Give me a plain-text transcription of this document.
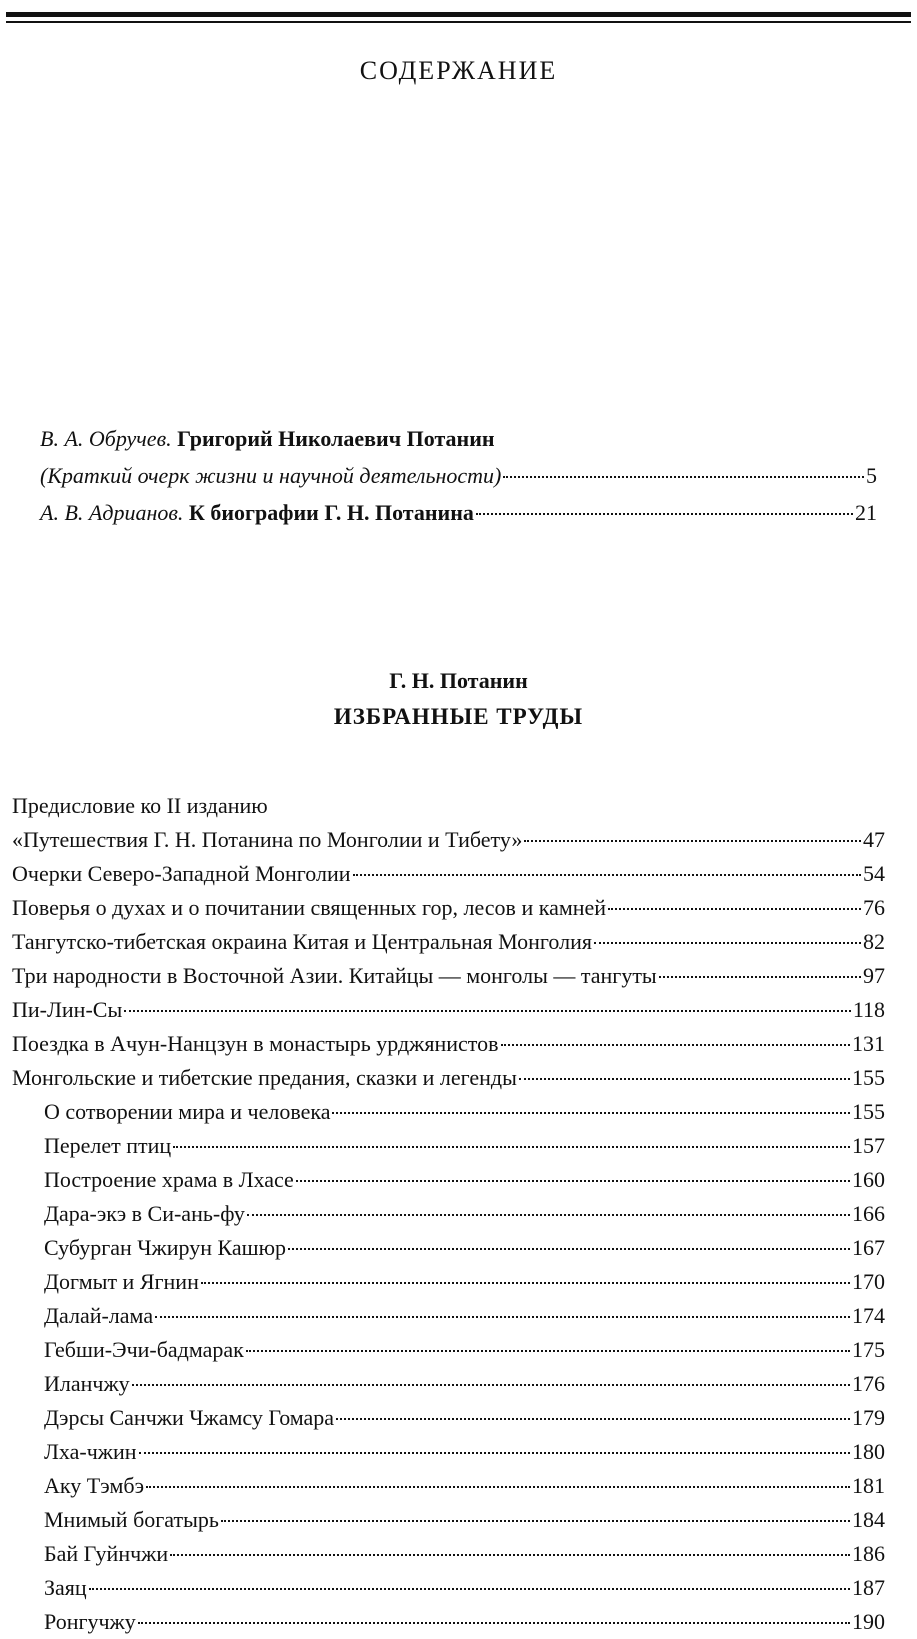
СОДЕРЖАНИЕ
В. А. Обручев. Григорий Николаевич Потанин
(Краткий очерк жизни и научной деятельности)	5
А. В. Адрианов. К биографии Г. Н. Потанина	21
Г. Н. Потанин
ИЗБРАННЫЕ ТРУДЫ
Предисловие ко II изданию
«Путешествия Г. Н. Потанина по Монголии и Тибету»	47
Очерки Северо-Западной Монголии	54
Поверья о духах и о почитании священных гор, лесов и камней	76
Тангутско-тибетская окраина Китая и Центральная Монголия	82
Три народности в Восточной Азии. Китайцы — монголы — тангуты	97
Пи-Лин-Сы	118
Поездка в Ачун-Нанцзун в монастырь урджянистов	131
Монгольские и тибетские предания, сказки и легенды	155
О сотворении мира и человека	155
Перелет птиц	157
Построение храма в Лхасе	160
Дара-экэ в Си-ань-фу	166
Субурган Чжирун Кашюр	167
Догмыт и Ягнин	170
Далай-лама	174
Гебши-Эчи-бадмарак	175
Иланчжу	176
Дэрсы Санчжи Чжамсу Гомара	179
Лха-чжин	180
Аку Тэмбэ	181
Мнимый богатырь	184
Бай Гуйнчжи	186
Заяц	187
Ронгучжу	190
